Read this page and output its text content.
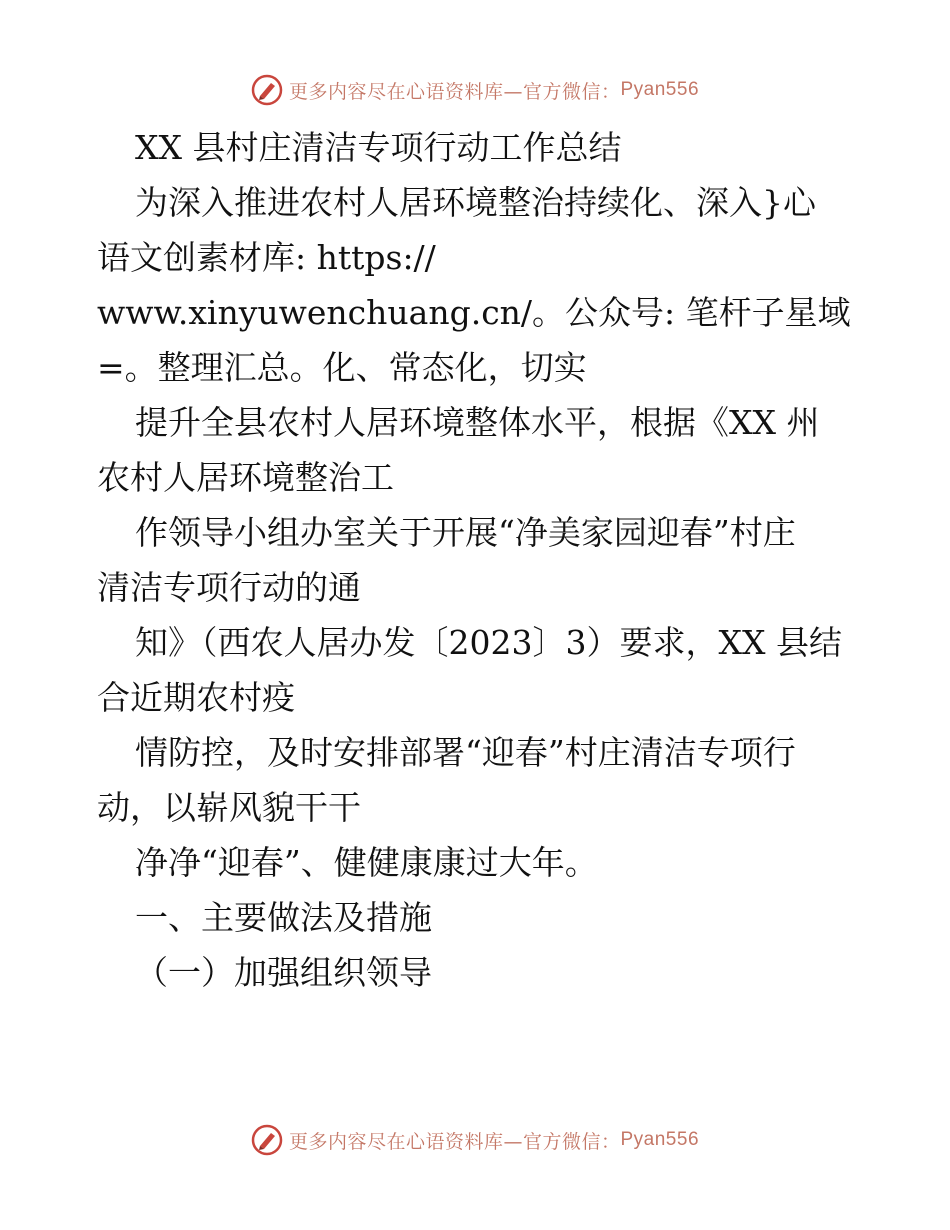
更多内容尽在心语资料库—官方微信： Pyan556
XX 县村庄清洁专项行动工作总结
为深入推进农村人居环境整治持续化、深入}心
语文创素材库: https://
www.xinyuwenchuang.cn/。公众号: 笔杆子星域
=。整理汇总。化、常态化，切实
提升全县农村人居环境整体水平，根据《XX 州
农村人居环境整治工
作领导小组办室关于开展“净美家园迎春”村庄
清洁专项行动的通
知》（西农人居办发〔2023〕3）要求，XX 县结
合近期农村疫
情防控，及时安排部署“迎春”村庄清洁专项行
动，以崭风貌干干
净净“迎春”、健健康康过大年。
一、主要做法及措施
（一）加强组织领导
更多内容尽在心语资料库—官方微信： Pyan556
